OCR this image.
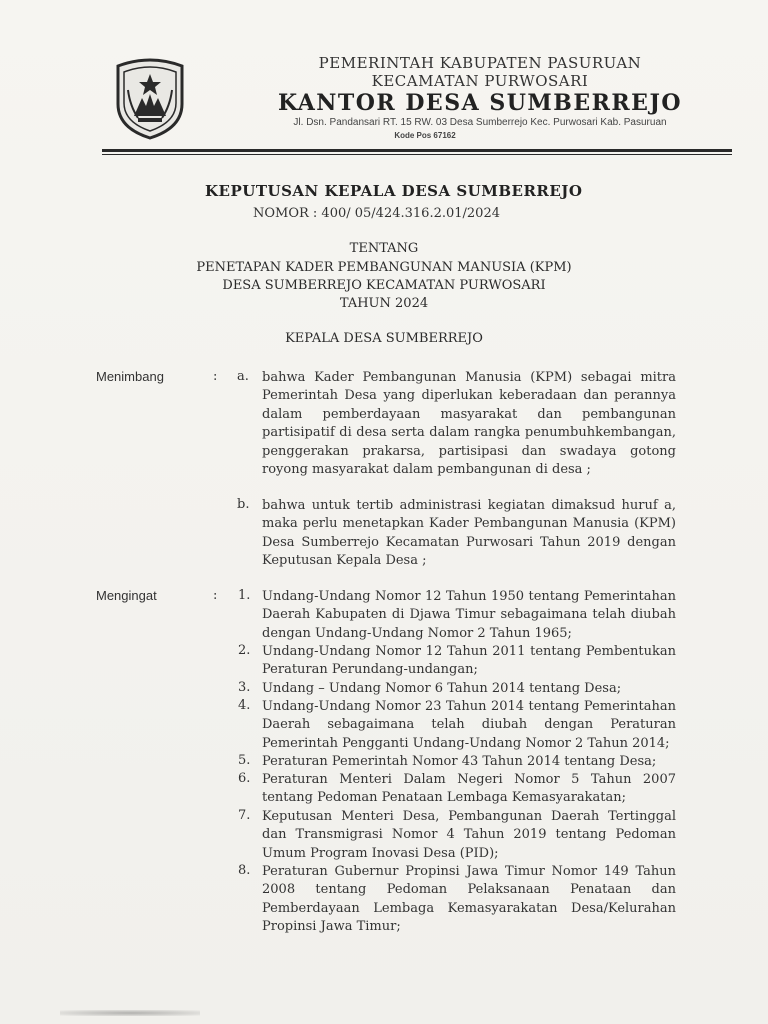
PEMERINTAH KABUPATEN PASURUAN
KECAMATAN PURWOSARI
KANTOR DESA SUMBERREJO
Jl. Dsn. Pandansari RT. 15 RW. 03 Desa Sumberrejo Kec. Purwosari Kab. Pasuruan
Kode Pos 67162
KEPUTUSAN KEPALA DESA SUMBERREJO
NOMOR : 400/ 05/424.316.2.01/2024
TENTANG
PENETAPAN KADER PEMBANGUNAN MANUSIA (KPM)
DESA SUMBERREJO KECAMATAN PURWOSARI
TAHUN 2024
KEPALA DESA SUMBERREJO
Menimbang	: a. bahwa Kader Pembangunan Manusia (KPM) sebagai mitra Pemerintah Desa yang diperlukan keberadaan dan perannya dalam pemberdayaan masyarakat dan pembangunan partisipatif di desa serta dalam rangka penumbuhkembangan, penggerakan prakarsa, partisipasi dan swadaya gotong royong masyarakat dalam pembangunan di desa ;
b. bahwa untuk tertib administrasi kegiatan dimaksud huruf a, maka perlu menetapkan Kader Pembangunan Manusia (KPM) Desa Sumberrejo Kecamatan Purwosari Tahun 2019 dengan Keputusan Kepala Desa ;
Mengingat	: 1. Undang-Undang Nomor 12 Tahun 1950 tentang Pemerintahan Daerah Kabupaten di Djawa Timur sebagaimana telah diubah dengan Undang-Undang Nomor 2 Tahun 1965;
2. Undang-Undang Nomor 12 Tahun 2011 tentang Pembentukan Peraturan Perundang-undangan;
3. Undang – Undang Nomor 6 Tahun 2014 tentang Desa;
4. Undang-Undang Nomor 23 Tahun 2014 tentang Pemerintahan Daerah sebagaimana telah diubah dengan Peraturan Pemerintah Pengganti Undang-Undang Nomor 2 Tahun 2014;
5. Peraturan Pemerintah Nomor 43 Tahun 2014 tentang Desa;
6. Peraturan Menteri Dalam Negeri Nomor 5 Tahun 2007 tentang Pedoman Penataan Lembaga Kemasyarakatan;
7. Keputusan Menteri Desa, Pembangunan Daerah Tertinggal dan Transmigrasi Nomor 4 Tahun 2019 tentang Pedoman Umum Program Inovasi Desa (PID);
8. Peraturan Gubernur Propinsi Jawa Timur Nomor 149 Tahun 2008 tentang Pedoman Pelaksanaan Penataan dan Pemberdayaan Lembaga Kemasyarakatan Desa/Kelurahan Propinsi Jawa Timur;
